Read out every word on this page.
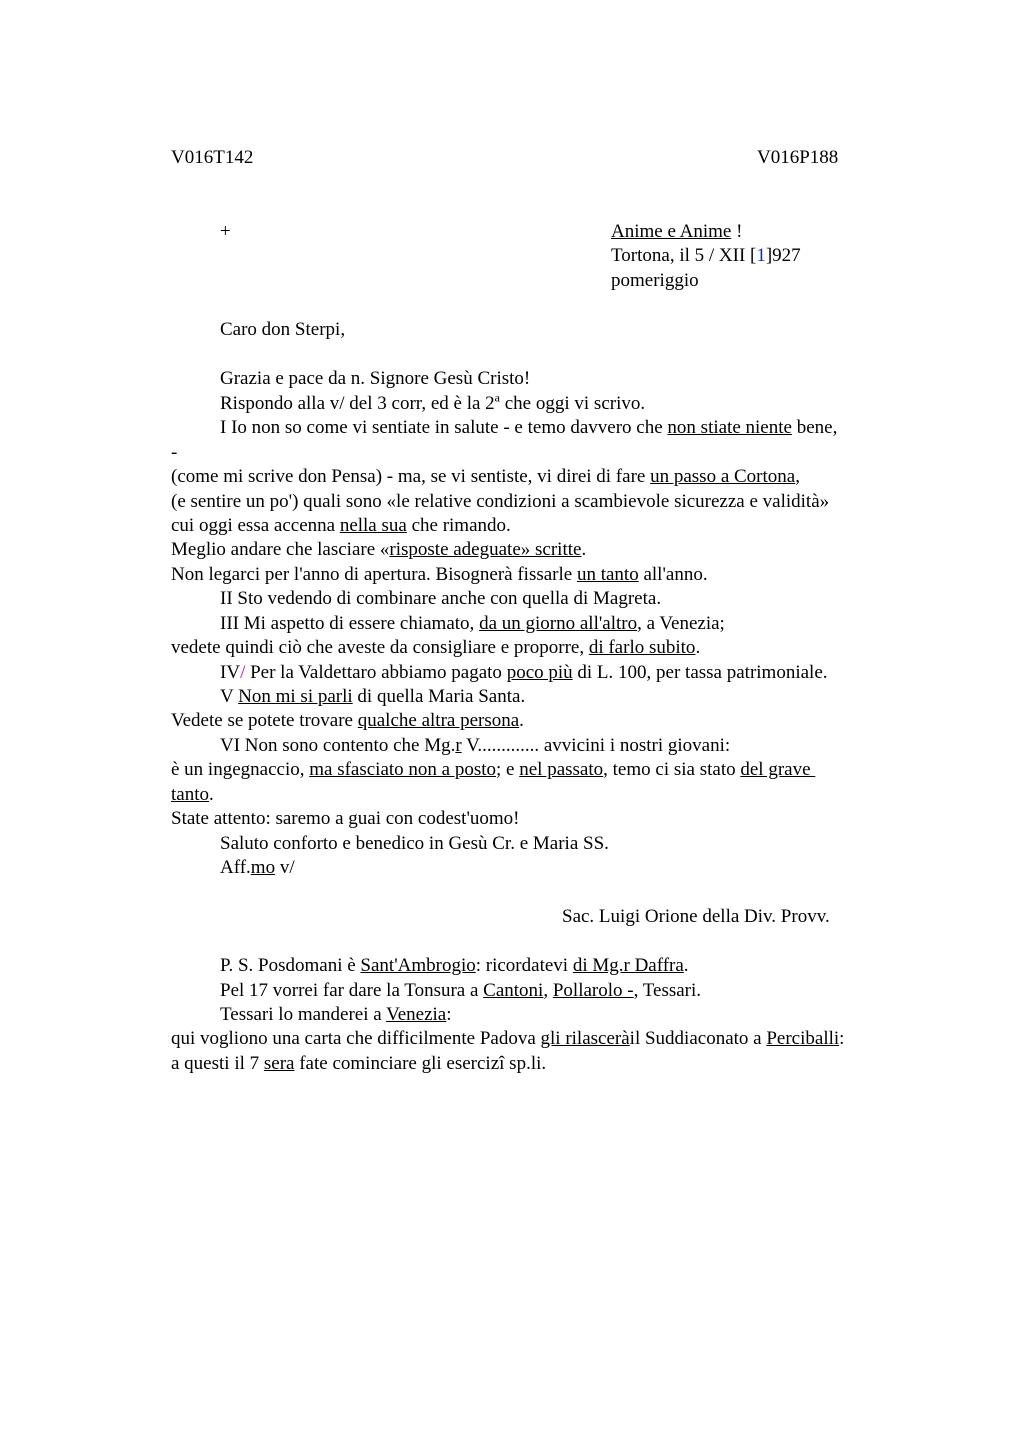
V016T142	V016P188
+	Anime e Anime !
Tortona, il 5 / XII [1]927
pomeriggio
Caro don Sterpi,
Grazia e pace da n. Signore Gesù Cristo!
Rispondo alla v/ del 3 corr, ed è la 2$^a$ che oggi vi scrivo.
I Io non so come vi sentiate in salute - e temo davvero che non stiate niente bene,
-
(come mi scrive don Pensa) - ma, se vi sentiste, vi direi di fare un passo a Cortona,
(e sentire un po') quali sono «le relative condizioni a scambievole sicurezza e validità»
cui oggi essa accenna nella sua che rimando.
Meglio andare che lasciare «risposte adeguate» scritte.
Non legarci per l'anno di apertura. Bisognerà fissarle un tanto all'anno.
II Sto vedendo di combinare anche con quella di Magreta.
III Mi aspetto di essere chiamato, da un giorno all'altro, a Venezia;
vedete quindi ciò che aveste da consigliare e proporre, di farlo subito.
IV/ Per la Valdettaro abbiamo pagato poco più di L. 100, per tassa patrimoniale.
V Non mi si parli di quella Maria Santa.
Vedete se potete trovare qualche altra persona.
VI Non sono contento che Mg.r V............. avvicini i nostri giovani:
è un ingegnaccio, ma sfasciato non a posto; e nel passato, temo ci sia stato del grave
tanto.
State attento: saremo a guai con codest'uomo!
Saluto conforto e benedico in Gesù Cr. e Maria SS.
Aff.mo v/
Sac. Luigi Orione della Div. Provv.
P. S. Posdomani è Sant'Ambrogio: ricordatevi di Mg.r Daffra.
Pel 17 vorrei far dare la Tonsura a Cantoni, Pollarolo -, Tessari.
Tessari lo manderei a Venezia:
qui vogliono una carta che difficilmente Padova gli rilasceràil Suddiaconato a Perciballi:
a questi il 7 sera fate cominciare gli esercizi sp.li.
